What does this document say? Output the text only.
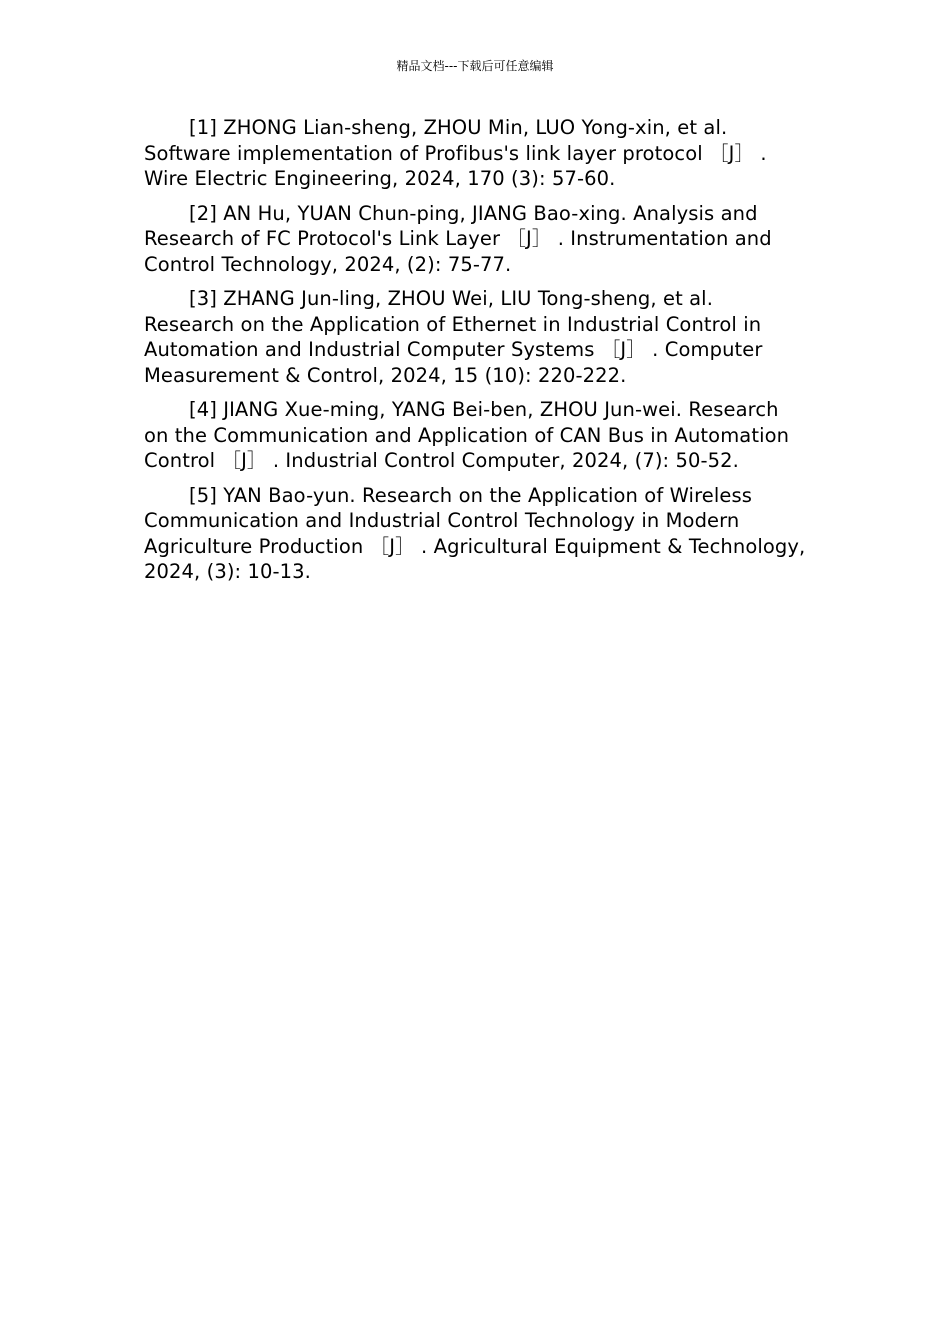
精品文档---下载后可任意编辑

[1] ZHONG Lian-sheng, ZHOU Min, LUO Yong-xin, et al. Software implementation of Profibus's link layer protocol ［J］ . Wire Electric Engineering, 2024, 170 (3): 57-60.

[2] AN Hu, YUAN Chun-ping, JIANG Bao-xing. Analysis and Research of FC Protocol's Link Layer ［J］ . Instrumentation and Control Technology, 2024, (2): 75-77.

[3] ZHANG Jun-ling, ZHOU Wei, LIU Tong-sheng, et al. Research on the Application of Ethernet in Industrial Control in Automation and Industrial Computer Systems ［J］ . Computer Measurement & Control, 2024, 15 (10): 220-222.

[4] JIANG Xue-ming, YANG Bei-ben, ZHOU Jun-wei. Research on the Communication and Application of CAN Bus in Automation Control ［J］ . Industrial Control Computer, 2024, (7): 50-52.

[5] YAN Bao-yun. Research on the Application of Wireless Communication and Industrial Control Technology in Modern Agriculture Production ［J］ . Agricultural Equipment & Technology, 2024, (3): 10-13.
